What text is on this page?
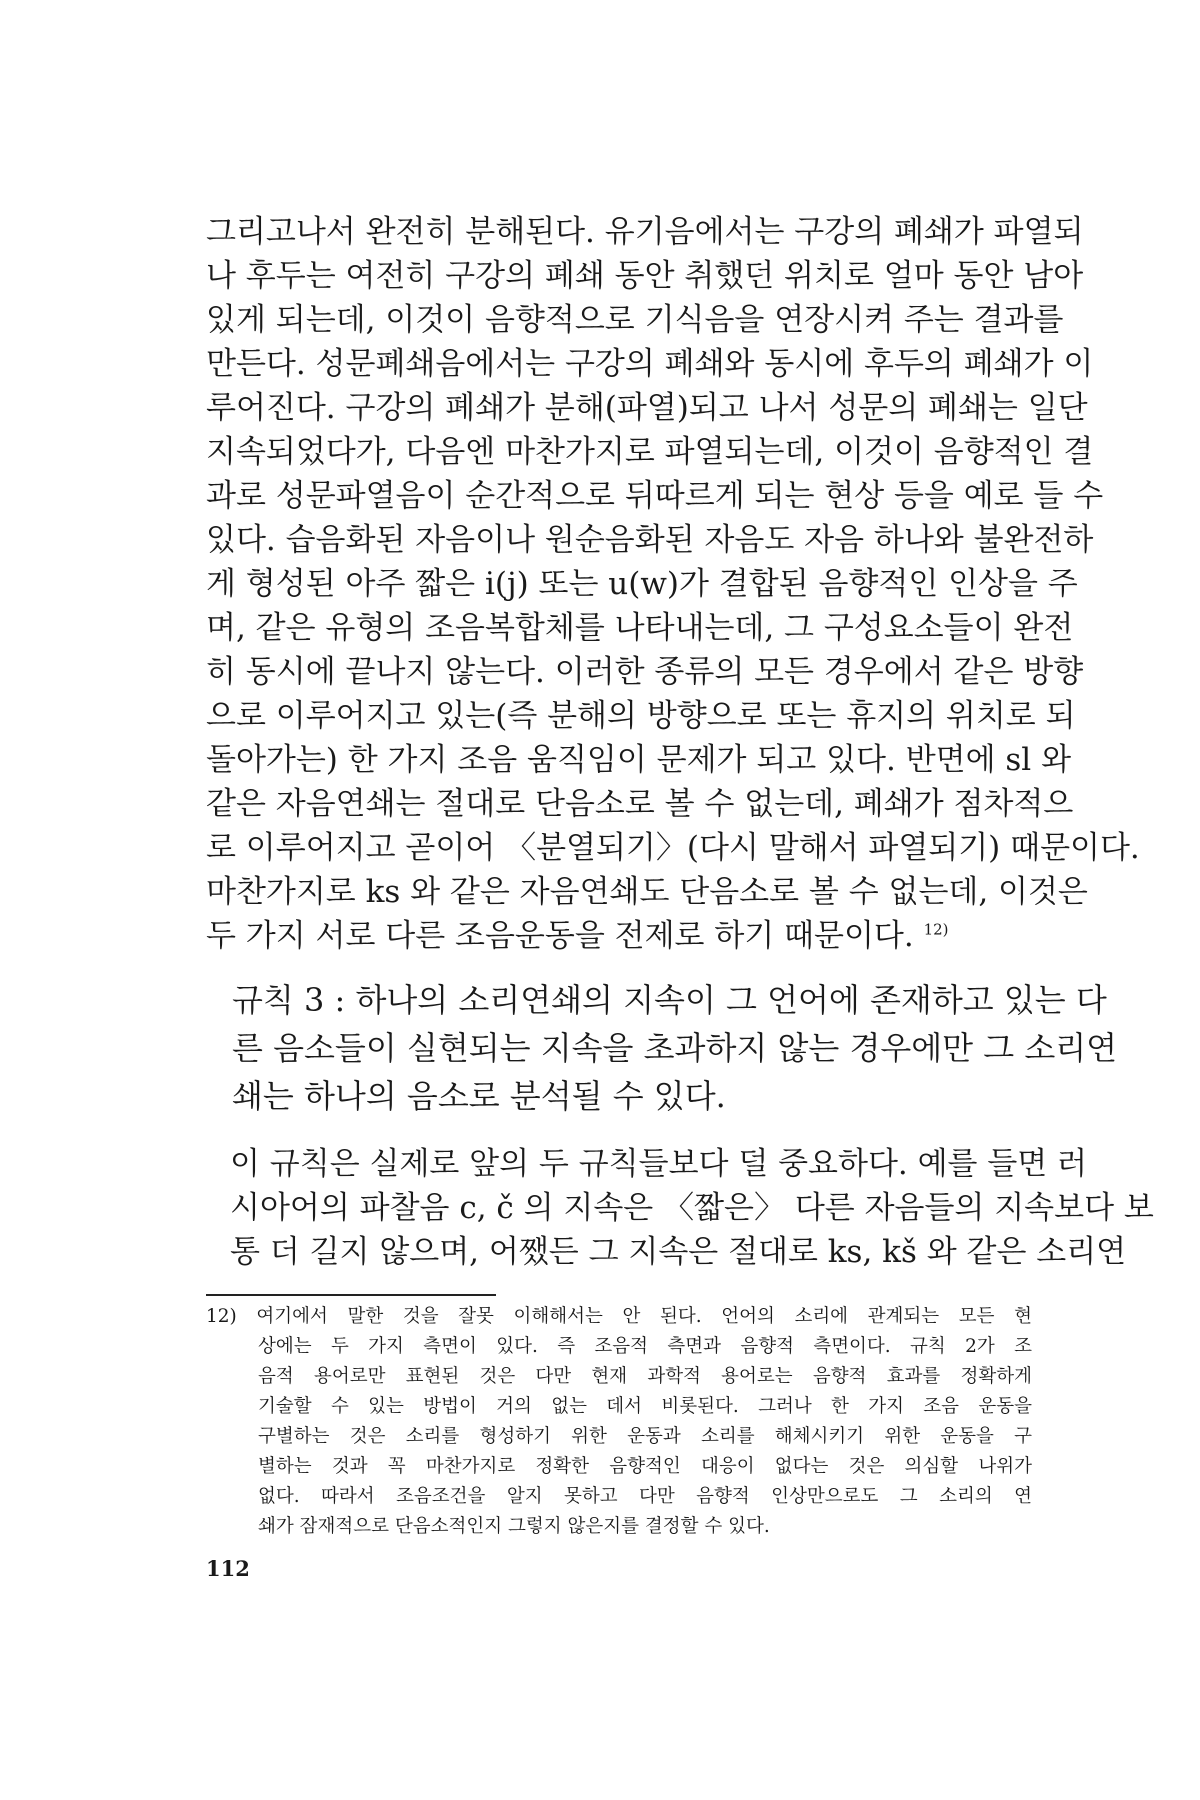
그리고나서 완전히 분해된다. 유기음에서는 구강의 폐쇄가 파열되
나 후두는 여전히 구강의 폐쇄 동안 취했던 위치로 얼마 동안 남아
있게 되는데, 이것이 음향적으로 기식음을 연장시켜 주는 결과를
만든다. 성문폐쇄음에서는 구강의 폐쇄와 동시에 후두의 폐쇄가 이
루어진다. 구강의 폐쇄가 분해(파열)되고 나서 성문의 폐쇄는 일단
지속되었다가, 다음엔 마찬가지로 파열되는데, 이것이 음향적인 결
과로 성문파열음이 순간적으로 뒤따르게 되는 현상 등을 예로 들 수
있다. 습음화된 자음이나 원순음화된 자음도 자음 하나와 불완전하
게 형성된 아주 짧은 i(j) 또는 u(w)가 결합된 음향적인 인상을 주
며, 같은 유형의 조음복합체를 나타내는데, 그 구성요소들이 완전
히 동시에 끝나지 않는다. 이러한 종류의 모든 경우에서 같은 방향
으로 이루어지고 있는(즉 분해의 방향으로 또는 휴지의 위치로 되
돌아가는) 한 가지 조음 움직임이 문제가 되고 있다. 반면에 sl 와
같은 자음연쇄는 절대로 단음소로 볼 수 없는데, 폐쇄가 점차적으
로 이루어지고 곧이어 〈분열되기〉(다시 말해서 파열되기) 때문이다.
마찬가지로 ks 와 같은 자음연쇄도 단음소로 볼 수 없는데, 이것은
두 가지 서로 다른 조음운동을 전제로 하기 때문이다. $^{12)}$
규칙 3 : 하나의 소리연쇄의 지속이 그 언어에 존재하고 있는 다
른 음소들이 실현되는 지속을 초과하지 않는 경우에만 그 소리연
쇄는 하나의 음소로 분석될 수 있다.
이 규칙은 실제로 앞의 두 규칙들보다 덜 중요하다. 예를 들면 러
시아어의 파찰음 c, č 의 지속은 〈짧은〉 다른 자음들의 지속보다 보
통 더 길지 않으며, 어쨌든 그 지속은 절대로 ks, kš 와 같은 소리연
12) 여기에서 말한 것을 잘못 이해해서는 안 된다. 언어의 소리에 관계되는 모든 현
상에는 두 가지 측면이 있다. 즉 조음적 측면과 음향적 측면이다. 규칙 2가 조
음적 용어로만 표현된 것은 다만 현재 과학적 용어로는 음향적 효과를 정확하게
기술할 수 있는 방법이 거의 없는 데서 비롯된다. 그러나 한 가지 조음 운동을
구별하는 것은 소리를 형성하기 위한 운동과 소리를 해체시키기 위한 운동을 구
별하는 것과 꼭 마찬가지로 정확한 음향적인 대응이 없다는 것은 의심할 나위가
없다. 따라서 조음조건을 알지 못하고 다만 음향적 인상만으로도 그 소리의 연
쇄가 잠재적으로 단음소적인지 그렇지 않은지를 결정할 수 있다.
112
